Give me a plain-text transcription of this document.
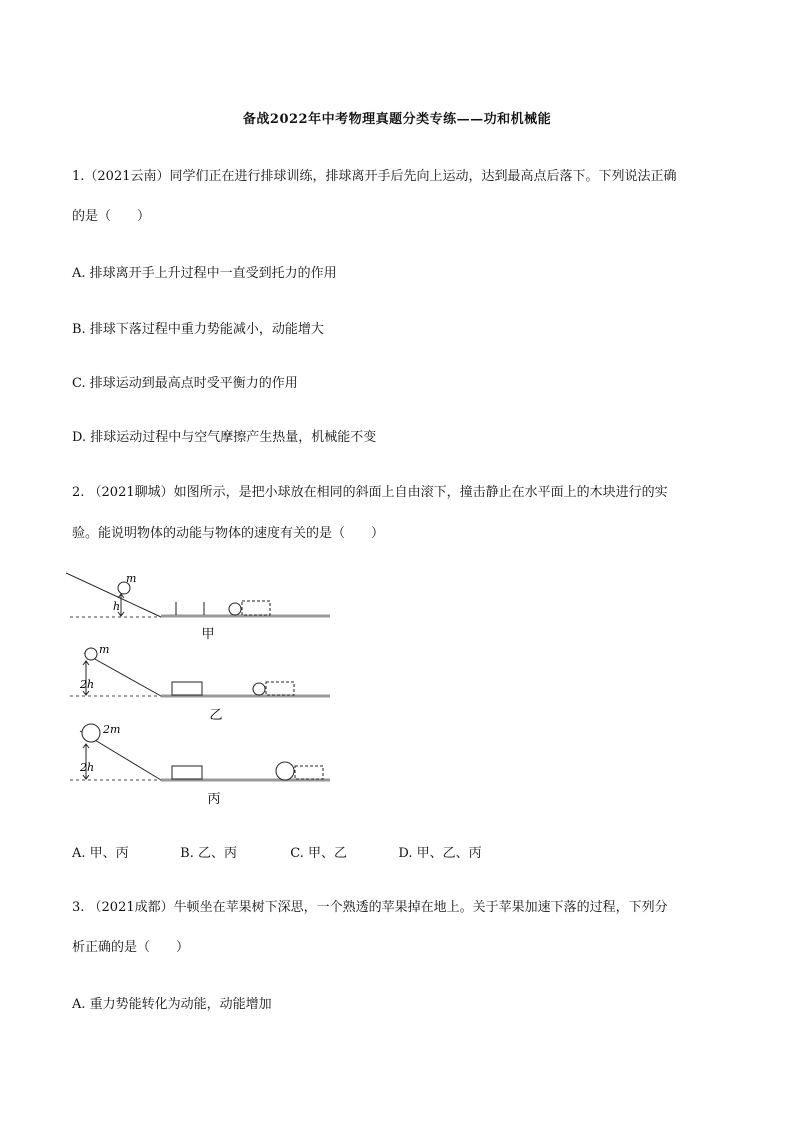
备战2022年中考物理真题分类专练——功和机械能
1.（2021云南）同学们正在进行排球训练，排球离开手后先向上运动，达到最高点后落下。下列说法正确
的是（　　）
A. 排球离开手上升过程中一直受到托力的作用
B. 排球下落过程中重力势能减小，动能增大
C. 排球运动到最高点时受平衡力的作用
D. 排球运动过程中与空气摩擦产生热量，机械能不变
2. （2021聊城）如图所示，是把小球放在相同的斜面上自由滚下，撞击静止在水平面上的木块进行的实
验。能说明物体的动能与物体的速度有关的是（　　）
m
h
甲
m
2h
乙
2m
2h
丙
A. 甲、丙	B. 乙、丙	C. 甲、乙	D. 甲、乙、丙
3. （2021成都）牛顿坐在苹果树下深思，一个熟透的苹果掉在地上。关于苹果加速下落的过程，下列分
析正确的是（　　）
A. 重力势能转化为动能，动能增加
